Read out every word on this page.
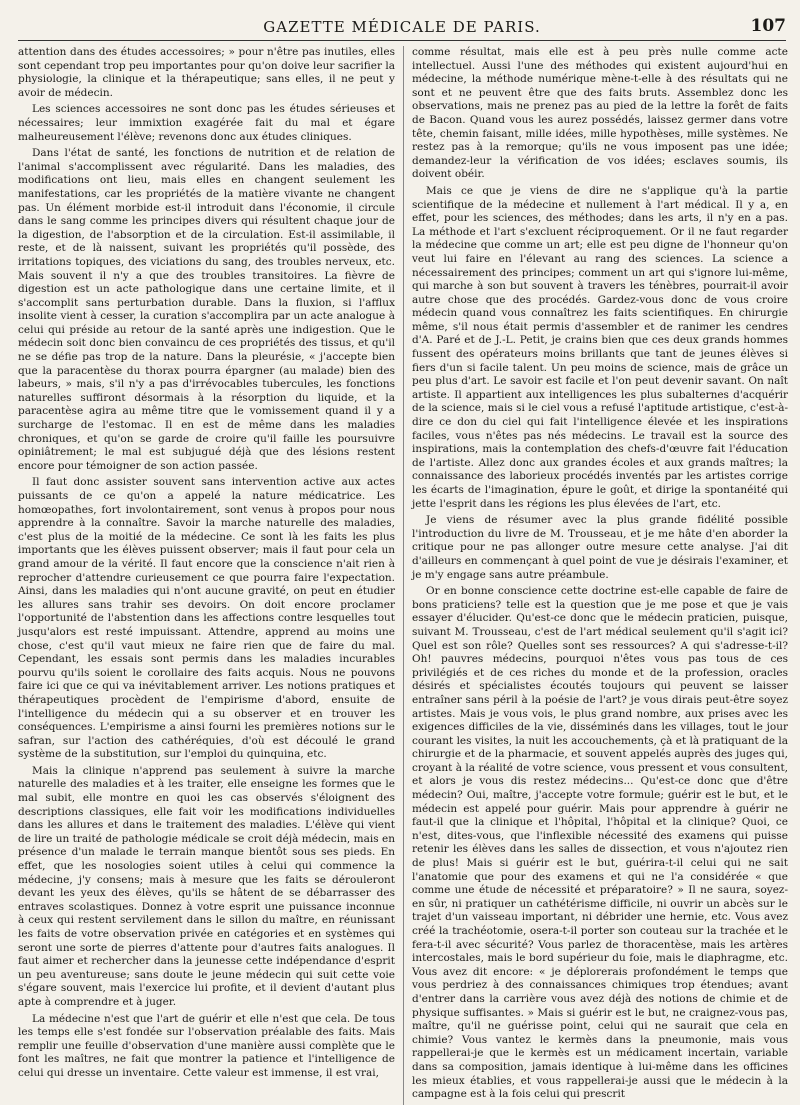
GAZETTE MÉDICALE DE PARIS.	107

attention dans des études accessoires; » pour n'être pas inutiles, elles sont cependant trop peu importantes pour qu'on doive leur sacrifier la physiologie, la clinique et la thérapeutique; sans elles, il ne peut y avoir de médecin.

Les sciences accessoires ne sont donc pas les études sérieuses et nécessaires; leur immixtion exagérée fait du mal et égare malheureusement l'élève; revenons donc aux études cliniques.

Dans l'état de santé, les fonctions de nutrition et de relation de l'animal s'accomplissent avec régularité. Dans les maladies, des modifications ont lieu, mais elles en changent seulement les manifestations, car les propriétés de la matière vivante ne changent pas. Un élément morbide est-il introduit dans l'économie, il circule dans le sang comme les principes divers qui résultent chaque jour de la digestion, de l'absorption et de la circulation. Est-il assimilable, il reste, et de là naissent, suivant les propriétés qu'il possède, des irritations topiques, des viciations du sang, des troubles nerveux, etc. Mais souvent il n'y a que des troubles transitoires. La fièvre de digestion est un acte pathologique dans une certaine limite, et il s'accomplit sans perturbation durable. Dans la fluxion, si l'afflux insolite vient à cesser, la curation s'accomplira par un acte analogue à celui qui préside au retour de la santé après une indigestion. Que le médecin soit donc bien convaincu de ces propriétés des tissus, et qu'il ne se défie pas trop de la nature. Dans la pleurésie, « j'accepte bien que la paracentèse du thorax pourra épargner (au malade) bien des labeurs, » mais, s'il n'y a pas d'irrévocables tubercules, les fonctions naturelles suffiront désormais à la résorption du liquide, et la paracentèse agira au même titre que le vomissement quand il y a surcharge de l'estomac. Il en est de même dans les maladies chroniques, et qu'on se garde de croire qu'il faille les poursuivre opiniâtrement; le mal est subjugué déjà que des lésions restent encore pour témoigner de son action passée.

Il faut donc assister souvent sans intervention active aux actes puissants de ce qu'on a appelé la nature médicatrice. Les homœopathes, fort involontairement, sont venus à propos pour nous apprendre à la connaître. Savoir la marche naturelle des maladies, c'est plus de la moitié de la médecine. Ce sont là les faits les plus importants que les élèves puissent observer; mais il faut pour cela un grand amour de la vérité. Il faut encore que la conscience n'ait rien à reprocher d'attendre curieusement ce que pourra faire l'expectation. Ainsi, dans les maladies qui n'ont aucune gravité, on peut en étudier les allures sans trahir ses devoirs. On doit encore proclamer l'opportunité de l'abstention dans les affections contre lesquelles tout jusqu'alors est resté impuissant. Attendre, apprend au moins une chose, c'est qu'il vaut mieux ne faire rien que de faire du mal. Cependant, les essais sont permis dans les maladies incurables pourvu qu'ils soient le corollaire des faits acquis. Nous ne pouvons faire ici que ce qui va inévitablement arriver. Les notions pratiques et thérapeutiques procèdent de l'empirisme d'abord, ensuite de l'intelligence du médecin qui a su observer et en trouver les conséquences. L'empirisme a ainsi fourni les premières notions sur le safran, sur l'action des cathéréquies, d'où est découlé le grand système de la substitution, sur l'emploi du quinquina, etc.

Mais la clinique n'apprend pas seulement à suivre la marche naturelle des maladies et à les traiter, elle enseigne les formes que le mal subit, elle montre en quoi les cas observés s'éloignent des descriptions classiques, elle fait voir les modifications individuelles dans les allures et dans le traitement des maladies. L'élève qui vient de lire un traité de pathologie médicale se croit déjà médecin, mais en présence d'un malade le terrain manque bientôt sous ses pieds. En effet, que les nosologies soient utiles à celui qui commence la médecine, j'y consens; mais à mesure que les faits se dérouleront devant les yeux des élèves, qu'ils se hâtent de se débarrasser des entraves scolastiques. Donnez à votre esprit une puissance inconnue à ceux qui restent servilement dans le sillon du maître, en réunissant les faits de votre observation privée en catégories et en systèmes qui seront une sorte de pierres d'attente pour d'autres faits analogues. Il faut aimer et rechercher dans la jeunesse cette indépendance d'esprit un peu aventureuse; sans doute le jeune médecin qui suit cette voie s'égare souvent, mais l'exercice lui profite, et il devient d'autant plus apte à comprendre et à juger.

La médecine n'est que l'art de guérir et elle n'est que cela. De tous les temps elle s'est fondée sur l'observation préalable des faits. Mais remplir une feuille d'observation d'une manière aussi complète que le font les maîtres, ne fait que montrer la patience et l'intelligence de celui qui dresse un inventaire. Cette valeur est immense, il est vrai,

comme résultat, mais elle est à peu près nulle comme acte intellectuel. Aussi l'une des méthodes qui existent aujourd'hui en médecine, la méthode numérique mène-t-elle à des résultats qui ne sont et ne peuvent être que des faits bruts. Assemblez donc les observations, mais ne prenez pas au pied de la lettre la forêt de faits de Bacon. Quand vous les aurez possédés, laissez germer dans votre tête, chemin faisant, mille idées, mille hypothèses, mille systèmes. Ne restez pas à la remorque; qu'ils ne vous imposent pas une idée; demandez-leur la vérification de vos idées; esclaves soumis, ils doivent obéir.

Mais ce que je viens de dire ne s'applique qu'à la partie scientifique de la médecine et nullement à l'art médical. Il y a, en effet, pour les sciences, des méthodes; dans les arts, il n'y en a pas. La méthode et l'art s'excluent réciproquement. Or il ne faut regarder la médecine que comme un art; elle est peu digne de l'honneur qu'on veut lui faire en l'élevant au rang des sciences. La science a nécessairement des principes; comment un art qui s'ignore lui-même, qui marche à son but souvent à travers les ténèbres, pourrait-il avoir autre chose que des procédés. Gardez-vous donc de vous croire médecin quand vous connaîtrez les faits scientifiques. En chirurgie même, s'il nous était permis d'assembler et de ranimer les cendres d'A. Paré et de J.-L. Petit, je crains bien que ces deux grands hommes fussent des opérateurs moins brillants que tant de jeunes élèves si fiers d'un si facile talent. Un peu moins de science, mais de grâce un peu plus d'art. Le savoir est facile et l'on peut devenir savant. On naît artiste. Il appartient aux intelligences les plus subalternes d'acquérir de la science, mais si le ciel vous a refusé l'aptitude artistique, c'est-à-dire ce don du ciel qui fait l'intelligence élevée et les inspirations faciles, vous n'êtes pas nés médecins. Le travail est la source des inspirations, mais la contemplation des chefs-d'œuvre fait l'éducation de l'artiste. Allez donc aux grandes écoles et aux grands maîtres; la connaissance des laborieux procédés inventés par les artistes corrige les écarts de l'imagination, épure le goût, et dirige la spontanéité qui jette l'esprit dans les régions les plus élevées de l'art, etc.

Je viens de résumer avec la plus grande fidélité possible l'introduction du livre de M. Trousseau, et je me hâte d'en aborder la critique pour ne pas allonger outre mesure cette analyse. J'ai dit d'ailleurs en commençant à quel point de vue je désirais l'examiner, et je m'y engage sans autre préambule.

Or en bonne conscience cette doctrine est-elle capable de faire de bons praticiens? telle est la question que je me pose et que je vais essayer d'élucider. Qu'est-ce donc que le médecin praticien, puisque, suivant M. Trousseau, c'est de l'art médical seulement qu'il s'agit ici? Quel est son rôle? Quelles sont ses ressources? A qui s'adresse-t-il? Oh! pauvres médecins, pourquoi n'êtes vous pas tous de ces privilégiés et de ces riches du monde et de la profession, oracles désirés et spécialistes écoutés toujours qui peuvent se laisser entraîner sans péril à la poésie de l'art? je vous dirais peut-être soyez artistes. Mais je vous vois, le plus grand nombre, aux prises avec les exigences difficiles de la vie, disséminés dans les villages, tout le jour courant les visites, la nuit les accouchements, çà et là pratiquant de la chirurgie et de la pharmacie, et souvent appelés auprès des juges qui, croyant à la réalité de votre science, vous pressent et vous consultent, et alors je vous dis restez médecins... Qu'est-ce donc que d'être médecin? Oui, maître, j'accepte votre formule; guérir est le but, et le médecin est appelé pour guérir. Mais pour apprendre à guérir ne faut-il que la clinique et l'hôpital, l'hôpital et la clinique? Quoi, ce n'est, dites-vous, que l'inflexible nécessité des examens qui puisse retenir les élèves dans les salles de dissection, et vous n'ajoutez rien de plus! Mais si guérir est le but, guérira-t-il celui qui ne sait l'anatomie que pour des examens et qui ne l'a considérée « que comme une étude de nécessité et préparatoire? » Il ne saura, soyez-en sûr, ni pratiquer un cathétérisme difficile, ni ouvrir un abcès sur le trajet d'un vaisseau important, ni débrider une hernie, etc. Vous avez créé la trachéotomie, osera-t-il porter son couteau sur la trachée et le fera-t-il avec sécurité? Vous parlez de thoracentèse, mais les artères intercostales, mais le bord supérieur du foie, mais le diaphragme, etc. Vous avez dit encore: « je déplorerais profondément le temps que vous perdriez à des connaissances chimiques trop étendues; avant d'entrer dans la carrière vous avez déjà des notions de chimie et de physique suffisantes. » Mais si guérir est le but, ne craignez-vous pas, maître, qu'il ne guérisse point, celui qui ne saurait que cela en chimie? Vous vantez le kermès dans la pneumonie, mais vous rappellerai-je que le kermès est un médicament incertain, variable dans sa composition, jamais identique à lui-même dans les officines les mieux établies, et vous rappellerai-je aussi que le médecin à la campagne est à la fois celui qui prescrit
